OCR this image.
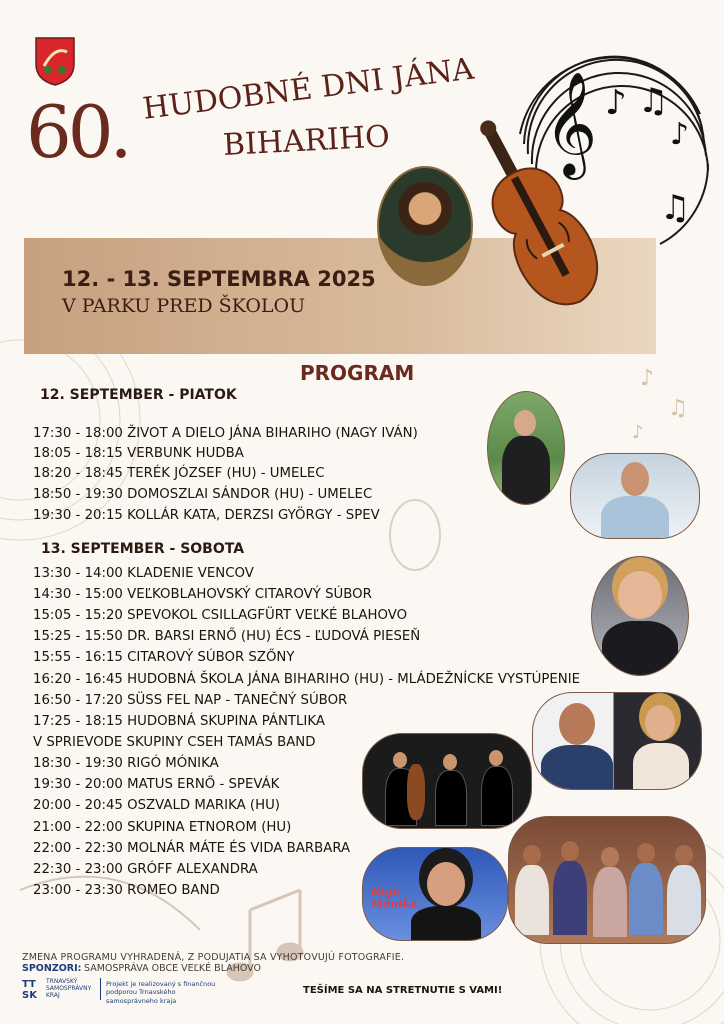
♪
♫
♪
60.
HUDOBNÉ DNI JÁNA
BIHARIHO 𝄞 ♪ ♫
♪
♫
12. - 13. SEPTEMBRA 2025
V PARKU PRED ŠKOLOU
PROGRAM
12. SEPTEMBER - PIATOK
17:30 - 18:00 ŽIVOT A DIELO JÁNA BIHARIHO (NAGY IVÁN)
18:05 - 18:15 VERBUNK HUDBA
18:20 - 18:45 TERÉK JÓZSEF (HU) - UMELEC
18:50 - 19:30 DOMOSZLAI SÁNDOR (HU) - UMELEC
19:30 - 20:15 KOLLÁR KATA, DERZSI GYÖRGY - SPEV
13. SEPTEMBER - SOBOTA
13:30 - 14:00 KLADENIE VENCOV
14:30 - 15:00 VEĽKOBLAHOVSKÝ CITAROVÝ SÚBOR
15:05 - 15:20 SPEVOKOL CSILLAGFÜRT VEĽKÉ BLAHOVO
15:25 - 15:50 DR. BARSI ERNŐ (HU) ÉCS - ĽUDOVÁ PIESEŇ
15:55 - 16:15 CITAROVÝ SÚBOR SZŐNY
16:20 - 16:45 HUDOBNÁ ŠKOLA JÁNA BIHARIHO (HU) - MLÁDEŽNÍCKE VYSTÚPENIE
16:50 - 17:20 SÜSS FEL NAP - TANEČNÝ SÚBOR
17:25 - 18:15 HUDOBNÁ SKUPINA PÁNTLIKA
V SPRIEVODE SKUPINY CSEH TAMÁS BAND
18:30 - 19:30 RIGÓ MÓNIKA
19:30 - 20:00 MATUS ERNŐ - SPEVÁK
20:00 - 20:45 OSZVALD MARIKA (HU)
21:00 - 22:00 SKUPINA ETNOROM (HU)
22:00 - 22:30 MOLNÁR MÁTE ÉS VIDA BARBARA
22:30 - 23:00 GRÓFF ALEXANDRA
23:00 - 23:30 ROMEO BAND	Rigó Mónika
ZMENA PROGRAMU VYHRADENÁ, Z PODUJATIA SA VYHOTOVUJÚ FOTOGRAFIE.
SPONZORI: SAMOSPRÁVA OBCE VEĽKÉ BLAHOVO
TT SK
TRNAVSKÝ SAMOSPRÁVNY KRAJ
Projekt je realizovaný s finančnou podporou Trnavského samosprávneho kraja
TEŠÍME SA NA STRETNUTIE S VAMI!
